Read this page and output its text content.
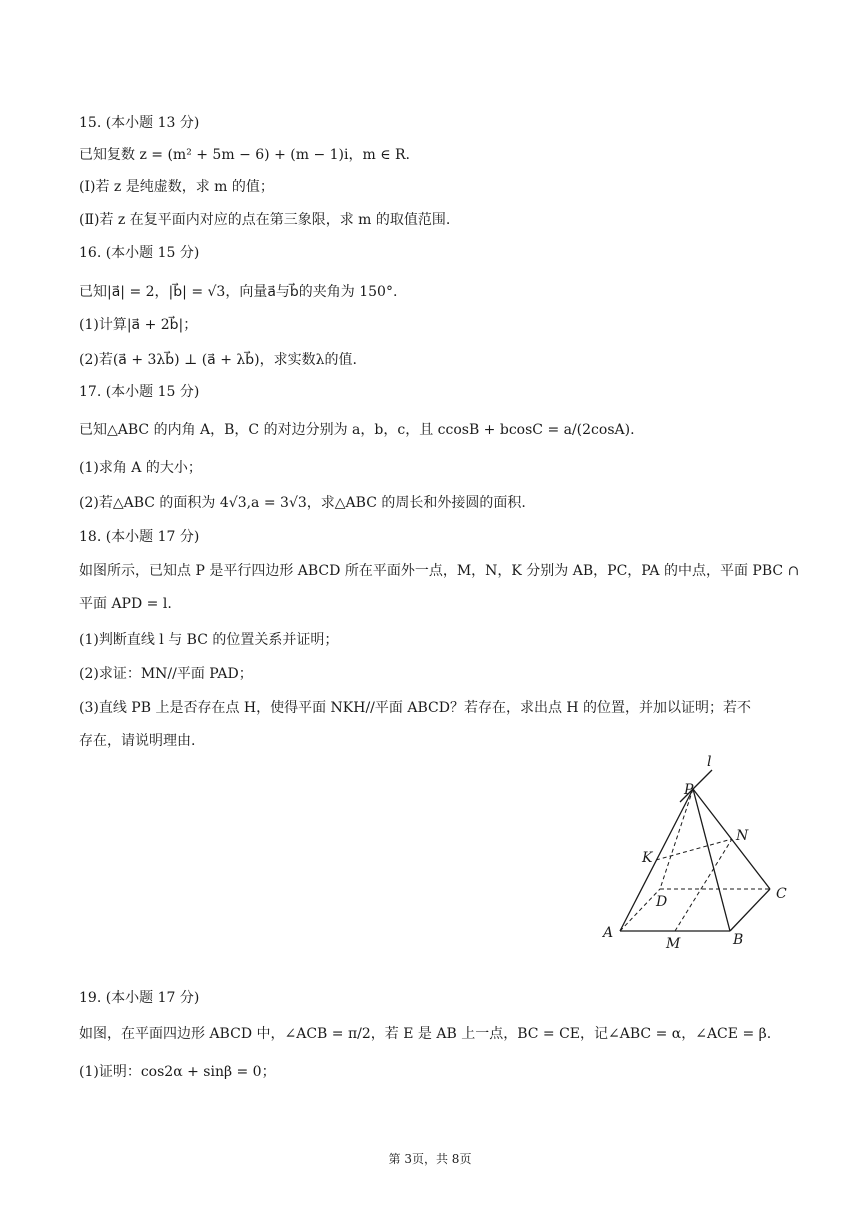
15. (本小题 13 分)
已知复数 z = (m² + 5m − 6) + (m − 1)i，m ∈ R.
(Ⅰ)若 z 是纯虚数，求 m 的值；
(Ⅱ)若 z 在复平面内对应的点在第三象限，求 m 的取值范围.
16. (本小题 15 分)
已知|a⃗| = 2，|b⃗| = √3，向量a⃗与b⃗的夹角为 150°.
(1)计算|a⃗ + 2b⃗|；
(2)若(a⃗ + 3λb⃗) ⊥ (a⃗ + λb⃗)，求实数λ的值.
17. (本小题 15 分)
已知△ABC 的内角 A，B，C 的对边分别为 a，b，c，且 ccosB + bcosC = a/(2cosA).
(1)求角 A 的大小；
(2)若△ABC 的面积为 4√3,a = 3√3，求△ABC 的周长和外接圆的面积.
18. (本小题 17 分)
如图所示，已知点 P 是平行四边形 ABCD 所在平面外一点，M，N，K 分别为 AB，PC，PA 的中点，平面 PBC ∩
平面 APD = l.
(1)判断直线 l 与 BC 的位置关系并证明；
(2)求证：MN//平面 PAD；
(3)直线 PB 上是否存在点 H，使得平面 NKH//平面 ABCD？若存在，求出点 H 的位置，并加以证明；若不
存在，请说明理由.
19. (本小题 17 分)
如图，在平面四边形 ABCD 中，∠ACB = π/2，若 E 是 AB 上一点，BC = CE，记∠ABC = α，∠ACE = β.
(1)证明：cos2α + sinβ = 0；
l
P
N
K
D	C
A
M	B
第 3页，共 8页
